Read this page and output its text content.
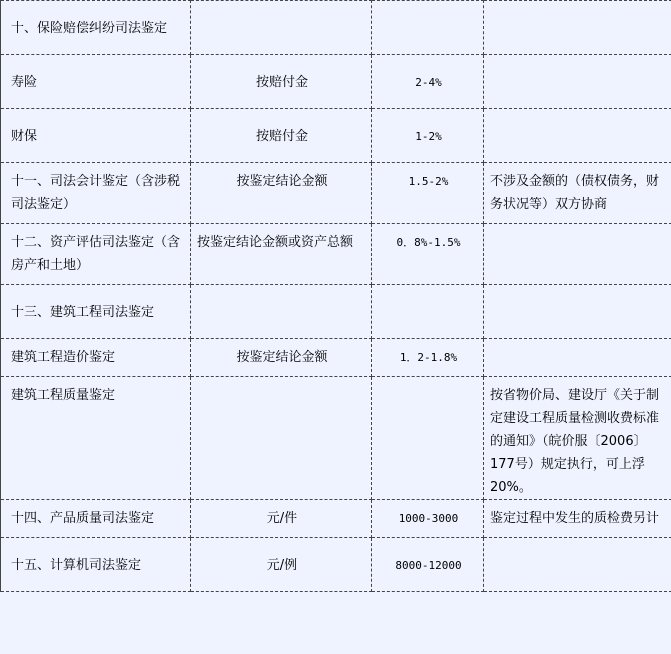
十、保险赔偿纠纷司法鉴定			
寿险	按赔付金	2-4%	
财保	按赔付金	1-2%	
十一、司法会计鉴定（含涉税司法鉴定）	按鉴定结论金额	1.5-2%	不涉及金额的（债权债务，财务状况等）双方协商
十二、资产评估司法鉴定（含房产和土地）	按鉴定结论金额或资产总额	0．8%-1.5%	
十三、建筑工程司法鉴定			
建筑工程造价鉴定	按鉴定结论金额	1．2-1.8%	
建筑工程质量鉴定			按省物价局、建设厅《关于制定建设工程质量检测收费标准的通知》（皖价服〔2006〕177号）规定执行，可上浮20%。
十四、产品质量司法鉴定	元/件	1000-3000	鉴定过程中发生的质检费另计
十五、计算机司法鉴定	元/例	8000-12000	
